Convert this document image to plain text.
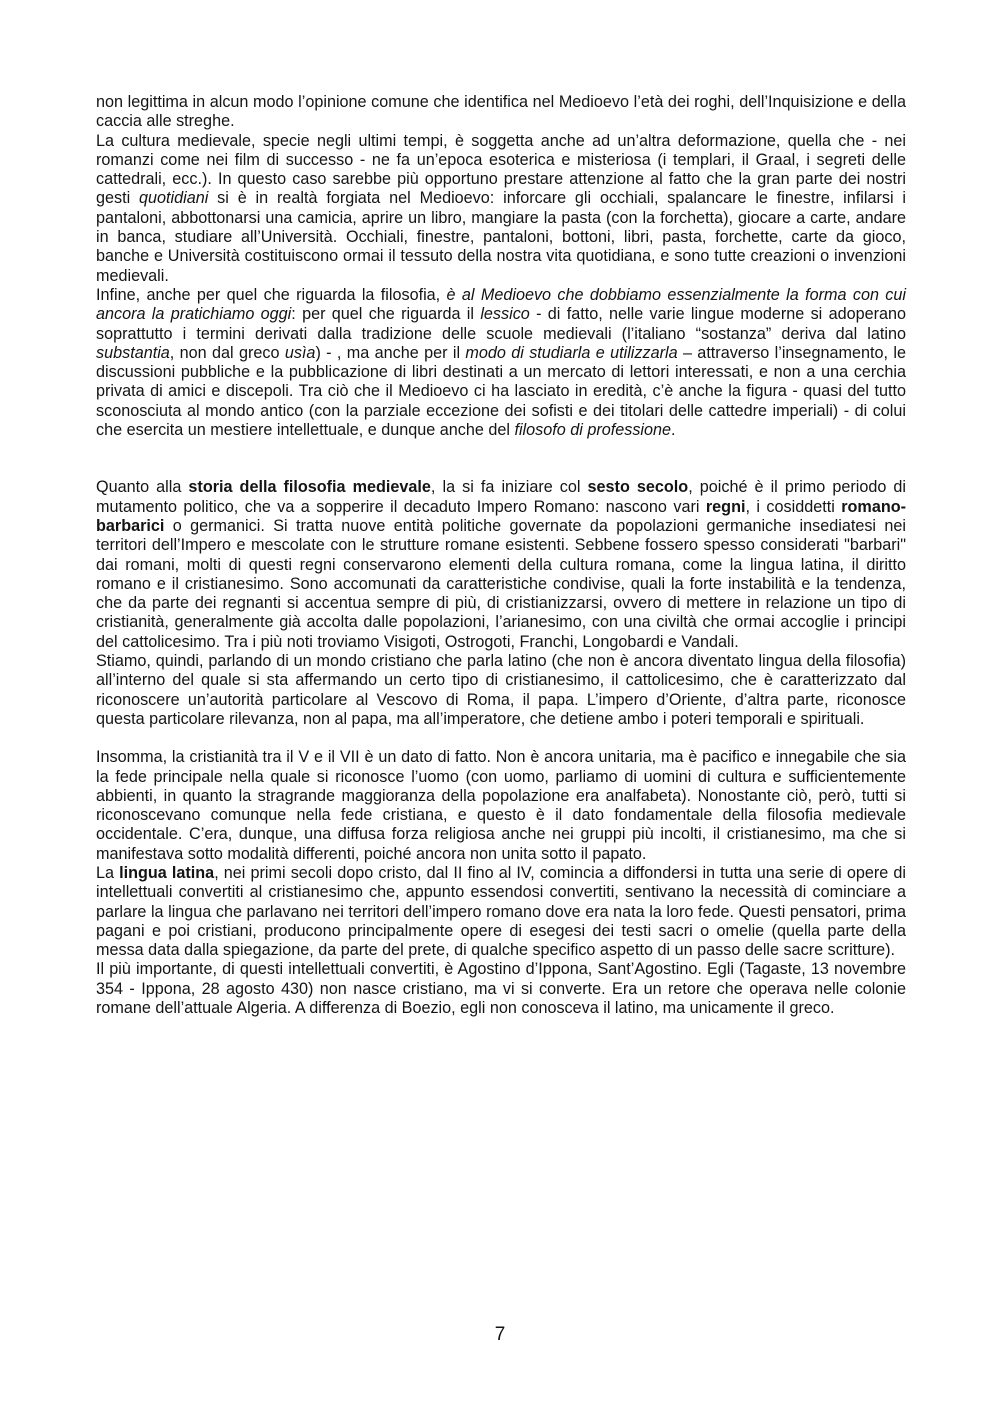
non legittima in alcun modo l’opinione comune che identifica nel Medioevo l’età dei roghi, dell’Inquisizione e della caccia alle streghe.

La cultura medievale, specie negli ultimi tempi, è soggetta anche ad un’altra deformazione, quella che - nei romanzi come nei film di successo - ne fa un’epoca esoterica e misteriosa (i templari, il Graal, i segreti delle cattedrali, ecc.). In questo caso sarebbe più opportuno prestare attenzione al fatto che la gran parte dei nostri gesti quotidiani si è in realtà forgiata nel Medioevo: inforcare gli occhiali, spalancare le finestre, infilarsi i pantaloni, abbottonarsi una camicia, aprire un libro, mangiare la pasta (con la forchetta), giocare a carte, andare in banca, studiare all’Università. Occhiali, finestre, pantaloni, bottoni, libri, pasta, forchette, carte da gioco, banche e Università costituiscono ormai il tessuto della nostra vita quotidiana, e sono tutte creazioni o invenzioni medievali.

Infine, anche per quel che riguarda la filosofia, è al Medioevo che dobbiamo essenzialmente la forma con cui ancora la pratichiamo oggi: per quel che riguarda il lessico - di fatto, nelle varie lingue moderne si adoperano soprattutto i termini derivati dalla tradizione delle scuole medievali (l’italiano “sostanza” deriva dal latino substantia, non dal greco usìa) - , ma anche per il modo di studiarla e utilizzarla – attraverso l’insegnamento, le discussioni pubbliche e la pubblicazione di libri destinati a un mercato di lettori interessati, e non a una cerchia privata di amici e discepoli. Tra ciò che il Medioevo ci ha lasciato in eredità, c’è anche la figura - quasi del tutto sconosciuta al mondo antico (con la parziale eccezione dei sofisti e dei titolari delle cattedre imperiali) - di colui che esercita un mestiere intellettuale, e dunque anche del filosofo di professione.

Quanto alla storia della filosofia medievale, la si fa iniziare col sesto secolo, poiché è il primo periodo di mutamento politico, che va a sopperire il decaduto Impero Romano: nascono vari regni, i cosiddetti romano-barbarici o germanici. Si tratta nuove entità politiche governate da popolazioni germaniche insediatesi nei territori dell’Impero e mescolate con le strutture romane esistenti. Sebbene fossero spesso considerati "barbari" dai romani, molti di questi regni conservarono elementi della cultura romana, come la lingua latina, il diritto romano e il cristianesimo. Sono accomunati da caratteristiche condivise, quali la forte instabilità e la tendenza, che da parte dei regnanti si accentua sempre di più, di cristianizzarsi, ovvero di mettere in relazione un tipo di cristianità, generalmente già accolta dalle popolazioni, l’arianesimo, con una civiltà che ormai accoglie i principi del cattolicesimo. Tra i più noti troviamo Visigoti, Ostrogoti, Franchi, Longobardi e Vandali.

Stiamo, quindi, parlando di un mondo cristiano che parla latino (che non è ancora diventato lingua della filosofia) all’interno del quale si sta affermando un certo tipo di cristianesimo, il cattolicesimo, che è caratterizzato dal riconoscere un’autorità particolare al Vescovo di Roma, il papa. L’impero d’Oriente, d’altra parte, riconosce questa particolare rilevanza, non al papa, ma all’imperatore, che detiene ambo i poteri temporali e spirituali.

Insomma, la cristianità tra il V e il VII è un dato di fatto. Non è ancora unitaria, ma è pacifico e innegabile che sia la fede principale nella quale si riconosce l’uomo (con uomo, parliamo di uomini di cultura e sufficientemente abbienti, in quanto la stragrande maggioranza della popolazione era analfabeta). Nonostante ciò, però, tutti si riconoscevano comunque nella fede cristiana, e questo è il dato fondamentale della filosofia medievale occidentale. C’era, dunque, una diffusa forza religiosa anche nei gruppi più incolti, il cristianesimo, ma che si manifestava sotto modalità differenti, poiché ancora non unita sotto il papato.

La lingua latina, nei primi secoli dopo cristo, dal II fino al IV, comincia a diffondersi in tutta una serie di opere di intellettuali convertiti al cristianesimo che, appunto essendosi convertiti, sentivano la necessità di cominciare a parlare la lingua che parlavano nei territori dell’impero romano dove era nata la loro fede. Questi pensatori, prima pagani e poi cristiani, producono principalmente opere di esegesi dei testi sacri o omelie (quella parte della messa data dalla spiegazione, da parte del prete, di qualche specifico aspetto di un passo delle sacre scritture).

Il più importante, di questi intellettuali convertiti, è Agostino d’Ippona, Sant’Agostino. Egli (Tagaste, 13 novembre 354 - Ippona, 28 agosto 430) non nasce cristiano, ma vi si converte. Era un retore che operava nelle colonie romane dell’attuale Algeria. A differenza di Boezio, egli non conosceva il latino, ma unicamente il greco.

7
